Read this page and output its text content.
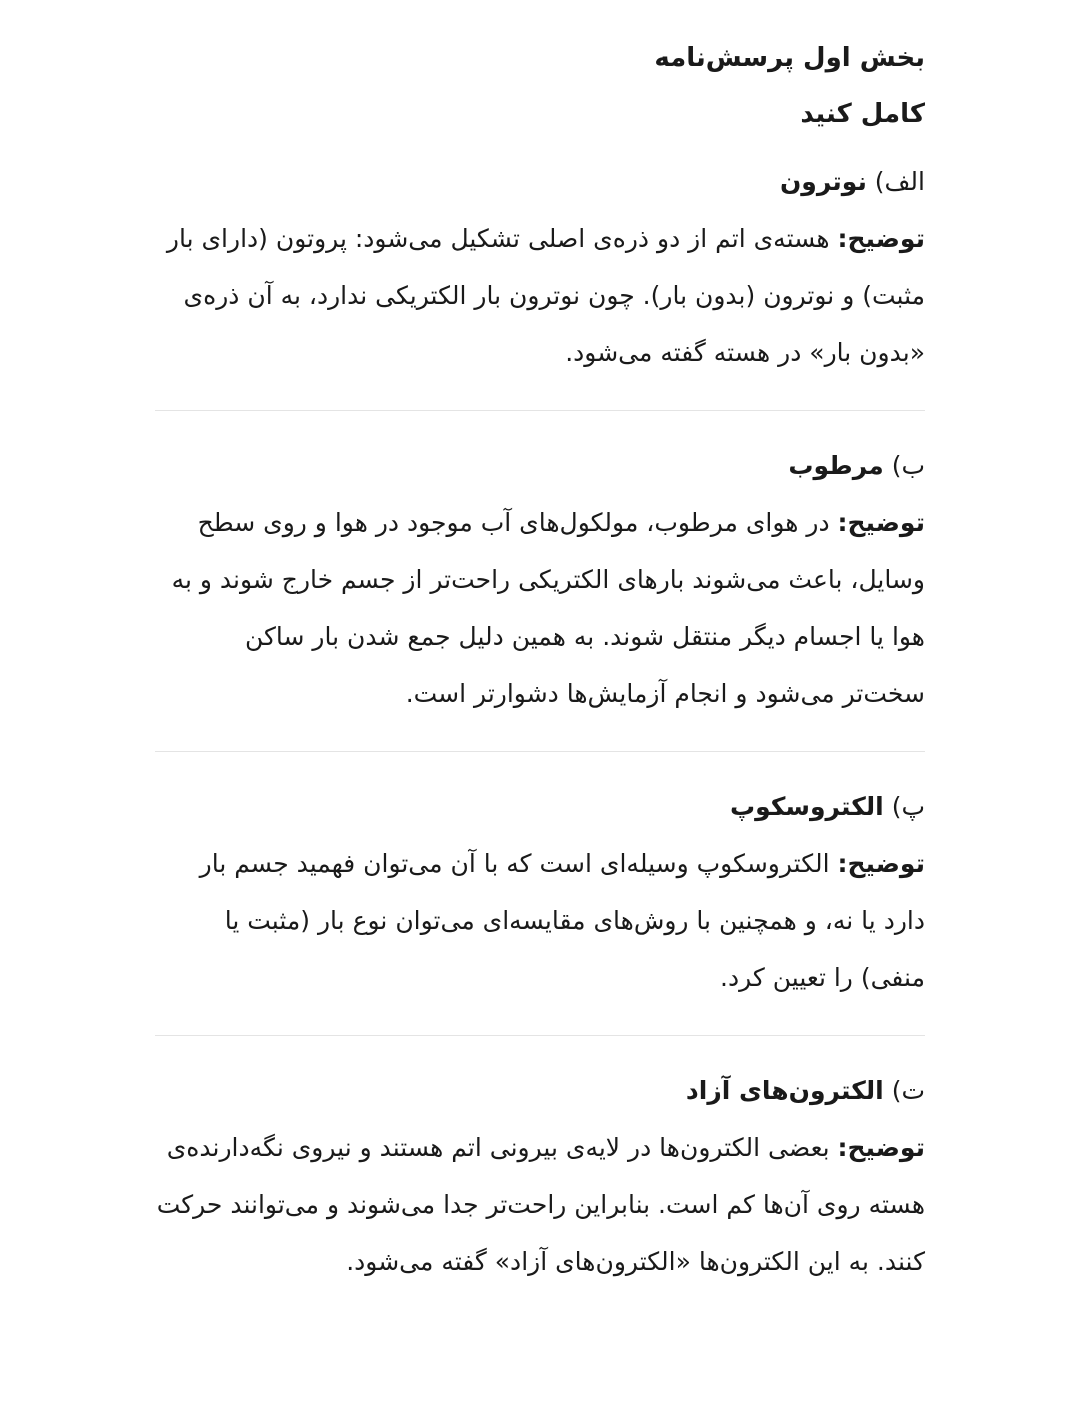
بخش اول پرسش‌نامه
کامل کنید

الف) نوترون

توضیح: هسته‌ی اتم از دو ذره‌ی اصلی تشکیل می‌شود: پروتون (دارای بار مثبت) و نوترون (بدون بار). چون نوترون بار الکتریکی ندارد، به آن ذره‌ی «بدون بار» در هسته گفته می‌شود.

ب) مرطوب

توضیح: در هوای مرطوب، مولکول‌های آب موجود در هوا و روی سطح وسایل، باعث می‌شوند بارهای الکتریکی راحت‌تر از جسم خارج شوند و به هوا یا اجسام دیگر منتقل شوند. به همین دلیل جمع شدن بار ساکن سخت‌تر می‌شود و انجام آزمایش‌ها دشوارتر است.

پ) الکتروسکوپ

توضیح: الکتروسکوپ وسیله‌ای است که با آن می‌توان فهمید جسم بار دارد یا نه، و همچنین با روش‌های مقایسه‌ای می‌توان نوع بار (مثبت یا منفی) را تعیین کرد.

ت) الکترون‌های آزاد

توضیح: بعضی الکترون‌ها در لایه‌ی بیرونی اتم هستند و نیروی نگه‌دارنده‌ی هسته روی آن‌ها کم است. بنابراین راحت‌تر جدا می‌شوند و می‌توانند حرکت کنند. به این الکترون‌ها «الکترون‌های آزاد» گفته می‌شود.
